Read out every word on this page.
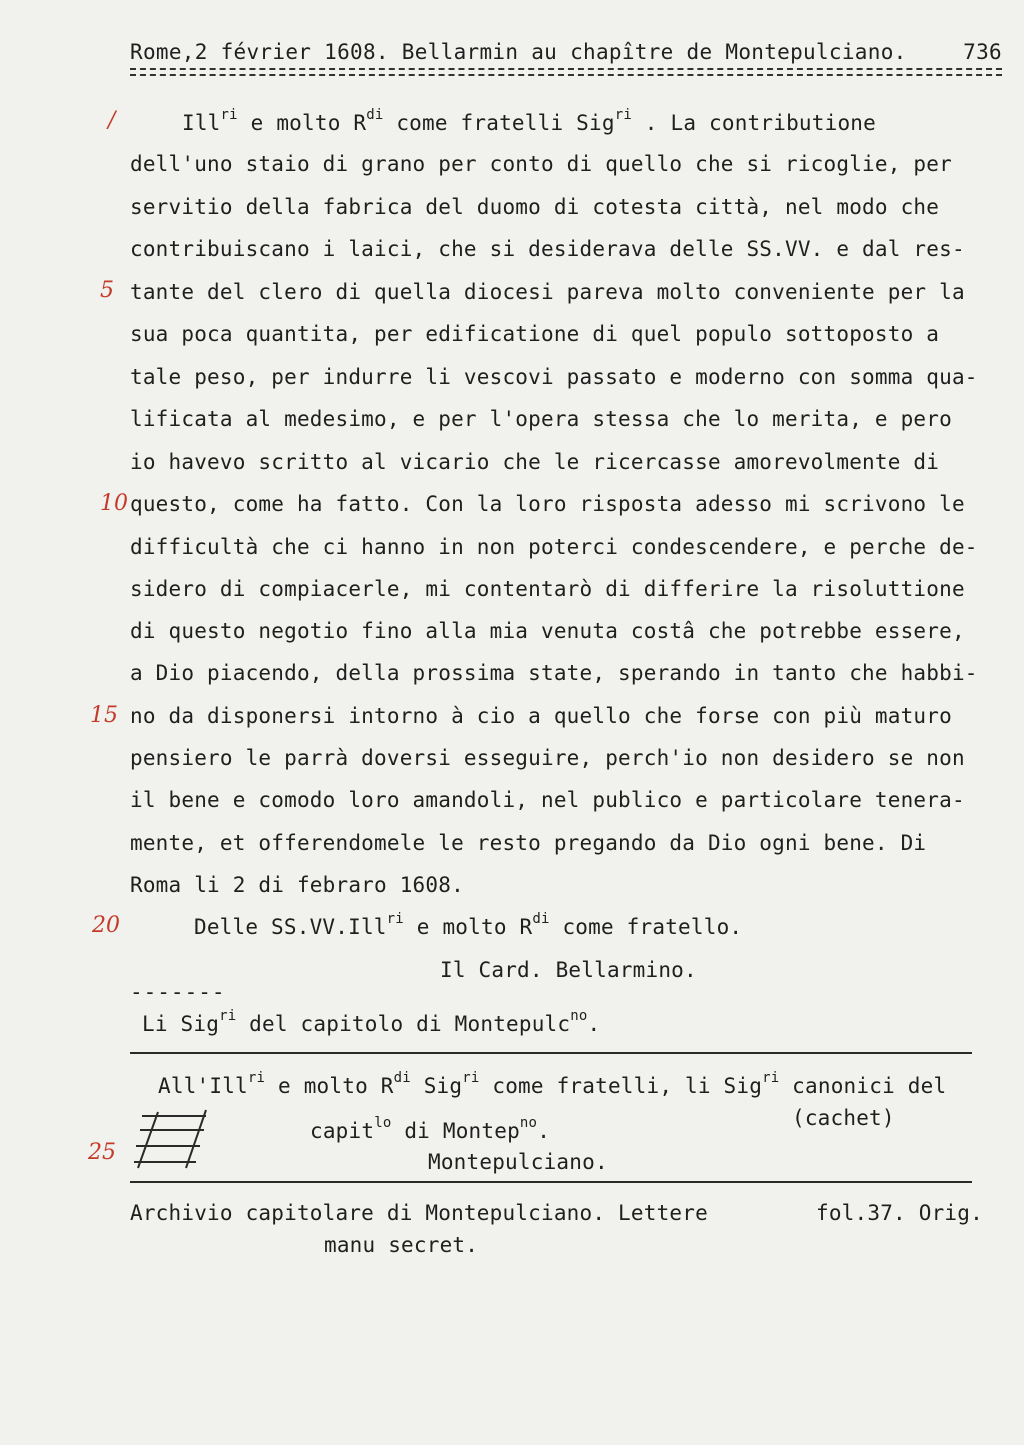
Rome,2 février 1608. Bellarmin au chapître de Montepulciano.	736
/
5
10
15
20
25
Ill$^{ri}$ e molto $R^{di}$ come fratelli Sig$^{ri}$ . La contributione
dell'uno staio di grano per conto di quello che si ricoglie, per
servitio della fabrica del duomo di cotesta città, nel modo che
contribuiscano i laici, che si desiderava delle SS.VV. e dal res-
tante del clero di quella diocesi pareva molto conveniente per la
sua poca quantita, per edificatione di quel populo sottoposto a
tale peso, per indurre li vescovi passato e moderno con somma qua-
lificata al medesimo, e per l'opera stessa che lo merita, e pero
io havevo scritto al vicario che le ricercasse amorevolmente di
questo, come ha fatto. Con la loro risposta adesso mi scrivono le
difficultà che ci hanno in non poterci condescendere, e perche de-
sidero di compiacerle, mi contentarò di differire la risoluttione
di questo negotio fino alla mia venuta costâ che potrebbe essere,
a Dio piacendo, della prossima state, sperando in tanto che habbi-
no da disponersi intorno à cio a quello che forse con più maturo
pensiero le parrà doversi esseguire, perch'io non desidero se non
il bene e comodo loro amandoli, nel publico e particolare tenera-
mente, et offerendomele le resto pregando da Dio ogni bene. Di
Roma li 2 di febraro 1608.
Delle SS.VV.Ill$^{ri}$ e molto $R^{di}$ come fratello.
Il Card. Bellarmino.
-------
Li Sig$^{ri}$ del capitolo di Montepulc$^{no}$.
All'Ill$^{ri}$ e molto $R^{di}$ Sig$^{ri}$ come fratelli, li Sig$^{ri}$ canonici del
capit$^{lo}$ di Montep$^{no}$.
(cachet)
Montepulciano.
Archivio capitolare di Montepulciano. Lettere
manu secret.
fol.37. Orig.
